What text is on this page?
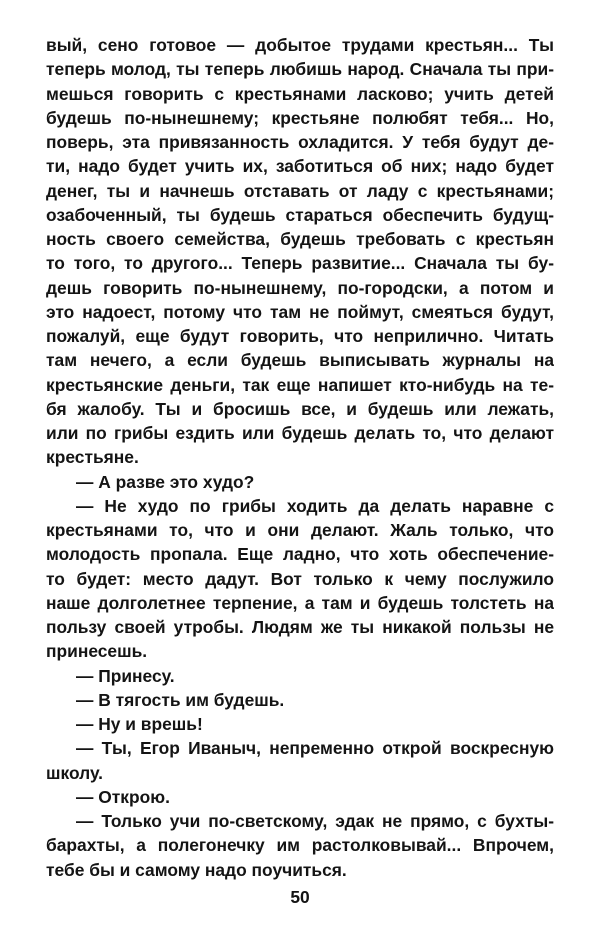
вый, сено готовое — добытое трудами крестьян... Ты
теперь молод, ты теперь любишь народ. Сначала ты при-
мешься говорить с крестьянами ласково; учить детей
будешь по-нынешнему; крестьяне полюбят тебя... Но,
поверь, эта привязанность охладится. У тебя будут де-
ти, надо будет учить их, заботиться об них; надо будет
денег, ты и начнешь отставать от ладу с крестьянами;
озабоченный, ты будешь стараться обеспечить будущ-
ность своего семейства, будешь требовать с крестьян
то того, то другого... Теперь развитие... Сначала ты бу-
дешь говорить по-нынешнему, по-городски, а потом и
это надоест, потому что там не поймут, смеяться будут,
пожалуй, еще будут говорить, что неприлично. Читать
там нечего, а если будешь выписывать журналы на
крестьянские деньги, так еще напишет кто-нибудь на те-
бя жалобу. Ты и бросишь все, и будешь или лежать,
или по грибы ездить или будешь делать то, что делают
крестьяне.
— А разве это худо?
— Не худо по грибы ходить да делать наравне с
крестьянами то, что и они делают. Жаль только, что
молодость пропала. Еще ладно, что хоть обеспечение-
то будет: место дадут. Вот только к чему послужило
наше долголетнее терпение, а там и будешь толстеть на
пользу своей утробы. Людям же ты никакой пользы не
принесешь.
— Принесу.
— В тягость им будешь.
— Ну и врешь!
— Ты, Егор Иваныч, непременно открой воскресную
школу.
— Открою.
— Только учи по-светскому, эдак не прямо, с бухты-
барахты, а полегонечку им растолковывай... Впрочем,
тебе бы и самому надо поучиться.
50
